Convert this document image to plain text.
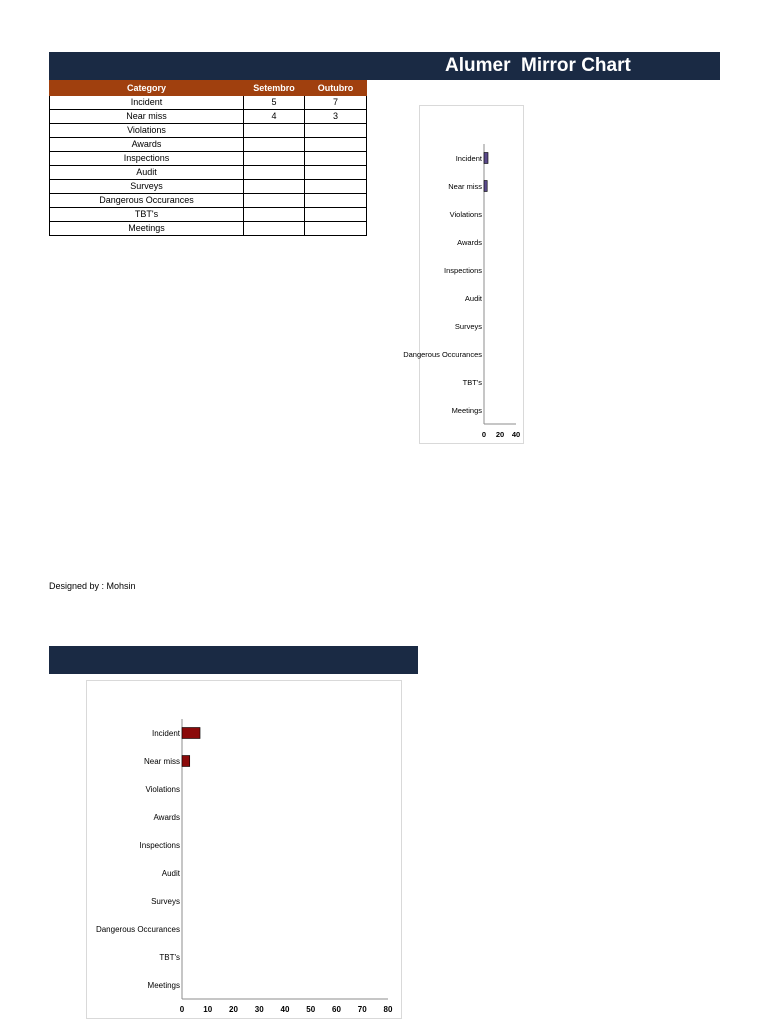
Alumer  Mirror Chart
Category	Setembro	Outubro
Incident	5	7
Near miss	4	3
Violations		
Awards		
Inspections		
Audit		
Surveys		
Dangerous Occurances		
TBT's		
Meetings		
Incident
Near miss
Violations
Awards
Inspections
Audit
Surveys
Dangerous Occurances
TBT's
Meetings
0 20 40
Designed by : Mohsin
Incident
Near miss
Violations
Awards
Inspections
Audit
Surveys
Dangerous Occurances
TBT's
Meetings
0 10 20 30 40 50 60 70 80
